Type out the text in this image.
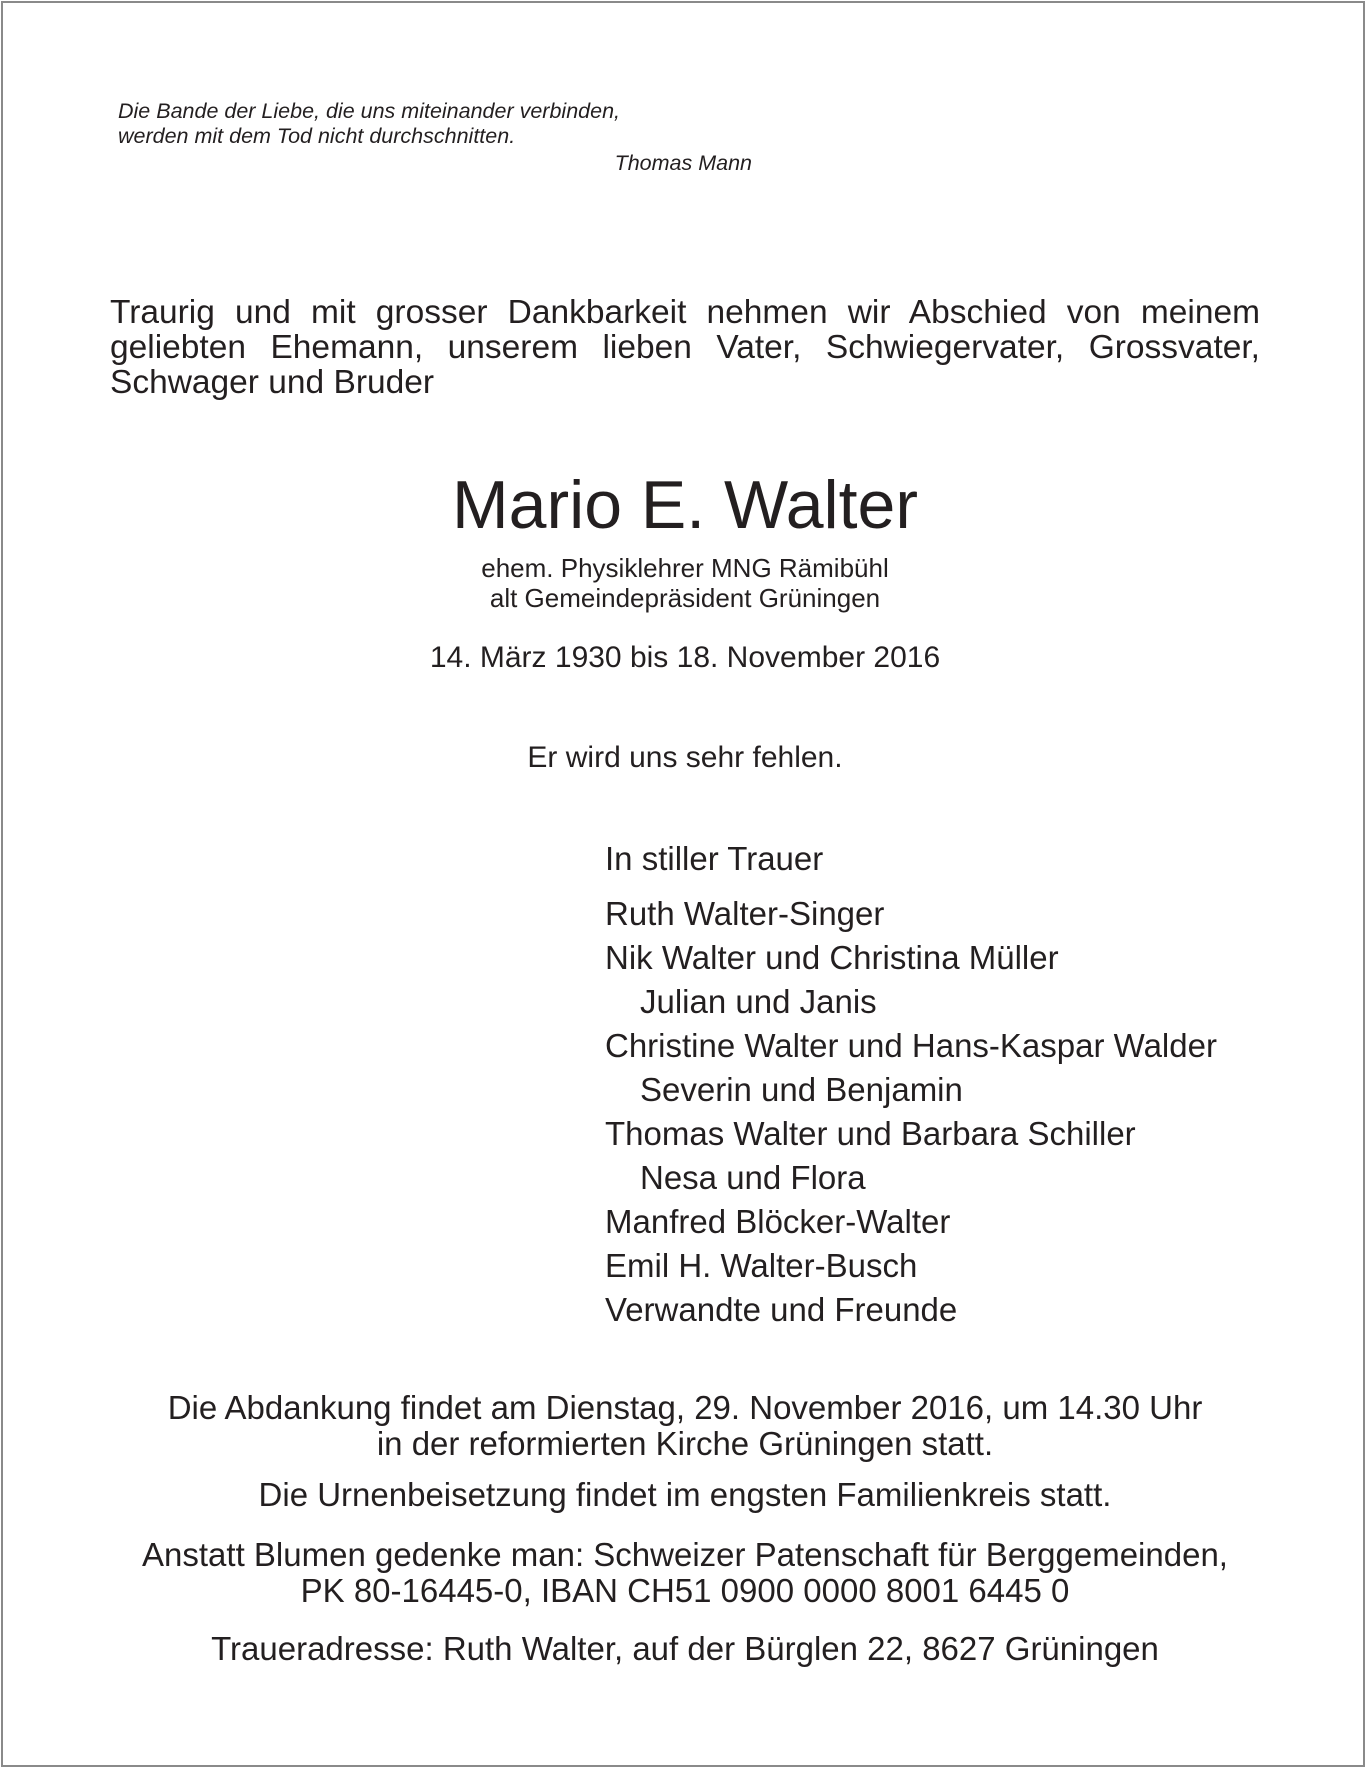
Die Bande der Liebe, die uns miteinander verbinden,
werden mit dem Tod nicht durchschnitten.
Thomas Mann
Traurig und mit grosser Dankbarkeit nehmen wir Abschied von meinem geliebten Ehemann, unserem lieben Vater, Schwiegervater, Grossvater, Schwager und Bruder
Mario E. Walter
ehem. Physiklehrer MNG Rämibühl
alt Gemeindepräsident Grüningen
14. März 1930 bis 18. November 2016
Er wird uns sehr fehlen.
In stiller Trauer
Ruth Walter-Singer
Nik Walter und Christina Müller
Julian und Janis
Christine Walter und Hans-Kaspar Walder
Severin und Benjamin
Thomas Walter und Barbara Schiller
Nesa und Flora
Manfred Blöcker-Walter
Emil H. Walter-Busch
Verwandte und Freunde
Die Abdankung findet am Dienstag, 29. November 2016, um 14.30 Uhr
in der reformierten Kirche Grüningen statt.
Die Urnenbeisetzung findet im engsten Familienkreis statt.
Anstatt Blumen gedenke man: Schweizer Patenschaft für Berggemeinden,
PK 80-16445-0, IBAN CH51 0900 0000 8001 6445 0
Traueradresse: Ruth Walter, auf der Bürglen 22, 8627 Grüningen
